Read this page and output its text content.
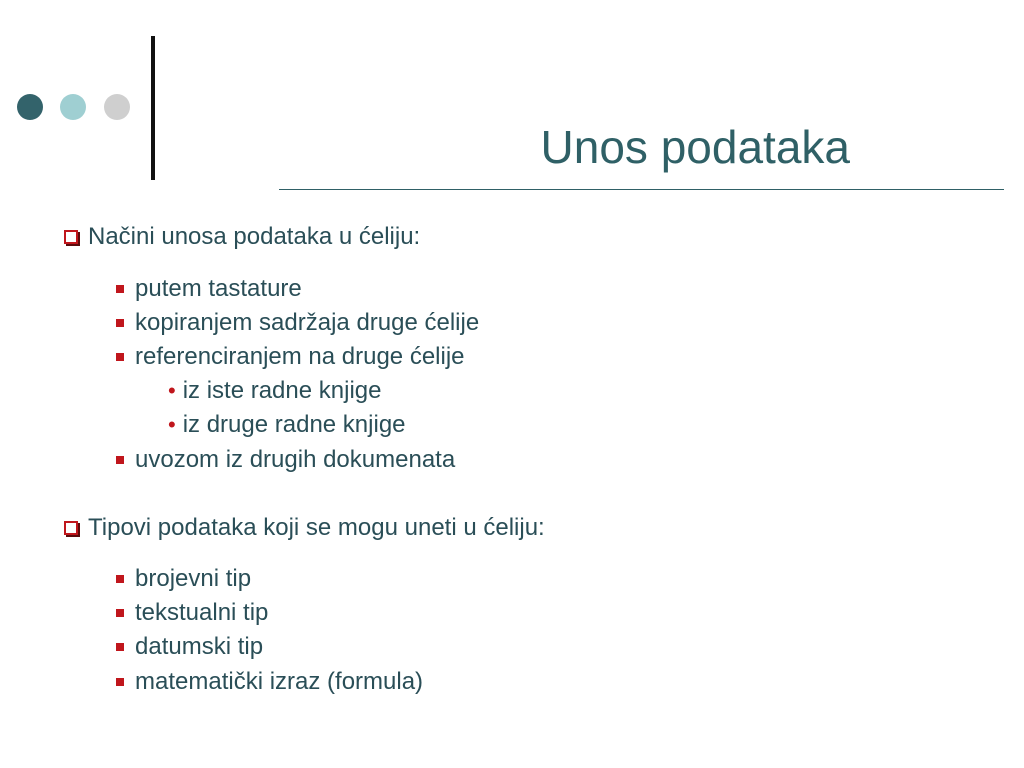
Unos podataka
Načini unosa podataka u ćeliju:
putem tastature
kopiranjem sadržaja druge ćelije
referenciranjem na druge ćelije
• iz iste radne knjige
• iz druge radne knjige
uvozom iz drugih dokumenata
Tipovi podataka koji se mogu uneti u ćeliju:
brojevni tip
tekstualni tip
datumski tip
matematički izraz (formula)
